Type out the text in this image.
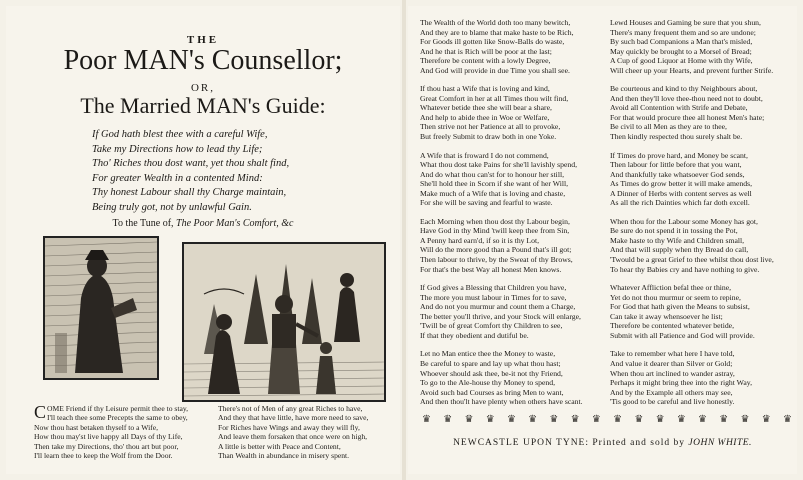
THE
Poor MAN's Counsellor;
OR,
The Married MAN's Guide:
If God hath blest thee with a careful Wife,
Take my Directions how to lead thy Life;
Tho' Riches thou dost want, yet thou shalt find,
For greater Wealth in a contented Mind:
Thy honest Labour shall thy Charge maintain,
Being truly got, not by unlawful Gain.
To the Tune of, The Poor Man's Comfort, &c
C OME Friend if thy Leisure permit thee to stay,
I'll teach thee some Precepts the same to obey,
Now thou hast betaken thyself to a Wife,
How thou may'st live happy all Days of thy Life,
Then take my Directions, tho' thou art but poor,
I'll learn thee to keep the Wolf from the Door.
There's not of Men of any great Riches to have,
And they that have little, have more need to save,
For Riches have Wings and away they will fly,
And leave them forsaken that once were on high,
A little is better with Peace and Content,
Than Wealth in abundance in misery spent.
The Wealth of the World doth too many bewitch,
And they are to blame that make haste to be Rich,
For Goods ill gotten like Snow-Balls do waste,
And he that is Rich will be poor at the last;
Therefore be content with a lowly Degree,
And God will provide in due Time you shall see.
If thou hast a Wife that is loving and kind,
Great Comfort in her at all Times thou wilt find,
Whatever betide thee she will bear a share,
And help to abide thee in Woe or Welfare,
Then strive not her Patience at all to provoke,
But freely Submit to draw both in one Yoke.
A Wife that is froward I do not commend,
What thou dost take Pains for she'll lavishly spend,
And do what thou can'st for to honour her still,
She'll hold thee in Scorn if she want of her Will,
Make much of a Wife that is loving and chaste,
For she will be saving and fearful to waste.
Each Morning when thou dost thy Labour begin,
Have God in thy Mind 'twill keep thee from Sin,
A Penny hard earn'd, if so it is thy Lot,
Will do the more good than a Pound that's ill got;
Then labour to thrive, by the Sweat of thy Brows,
For that's the best Way all honest Men knows.
If God gives a Blessing that Children you have,
The more you must labour in Times for to save,
And do not you murmur and count them a Charge,
The better you'll thrive, and your Stock will enlarge,
'Twill be of great Comfort thy Children to see,
If that they obedient and dutiful be.
Let no Man entice thee the Money to waste,
Be careful to spare and lay up what thou hast;
Whoever should ask thee, be-it not thy Friend,
To go to the Ale-house thy Money to spend,
Avoid such bad Courses as bring Men to want,
And then thou'lt have plenty when others have scant.
Lewd Houses and Gaming be sure that you shun,
There's many frequent them and so are undone;
By such bad Companions a Man that's misled,
May quickly be brought to a Morsel of Bread;
A Cup of good Liquor at Home with thy Wife,
Will cheer up your Hearts, and prevent further Strife.
Be courteous and kind to thy Neighbours about,
And then they'll love thee-thou need not to doubt,
Avoid all Contention with Strife and Debate,
For that would procure thee all honest Men's hate;
Be civil to all Men as they are to thee,
Then kindly respected thou surely shalt be.
If Times do prove hard, and Money be scant,
Then labour for little before that you want,
And thankfully take whatsoever God sends,
As Times do grow better it will make amends,
A Dinner of Herbs with content serves as well
As all the rich Dainties which far doth excell.
When thou for the Labour some Money has got,
Be sure do not spend it in tossing the Pot,
Make haste to thy Wife and Children small,
And that will supply when thy Bread do call,
'Twould be a great Grief to thee whilst thou dost live,
To hear thy Babies cry and have nothing to give.
Whatever Affliction befal thee or thine,
Yet do not thou murmur or seem to repine,
For God that hath given the Means to subsist,
Can take it away whensoever he list;
Therefore be contented whatever betide,
Submit with all Patience and God will provide.
Take to remember what here I have told,
And value it dearer than Silver or Gold;
When thou art inclined to wander astray,
Perhaps it might bring thee into the right Way,
And by the Example all others may see,
'Tis good to be careful and live honestly.
♛ ♛ ♛ ♛ ♛ ♛ ♛ ♛ ♛ ♛ ♛ ♛ ♛ ♛ ♛ ♛ ♛ ♛
NEWCASTLE UPON TYNE: Printed and sold by JOHN WHITE.
